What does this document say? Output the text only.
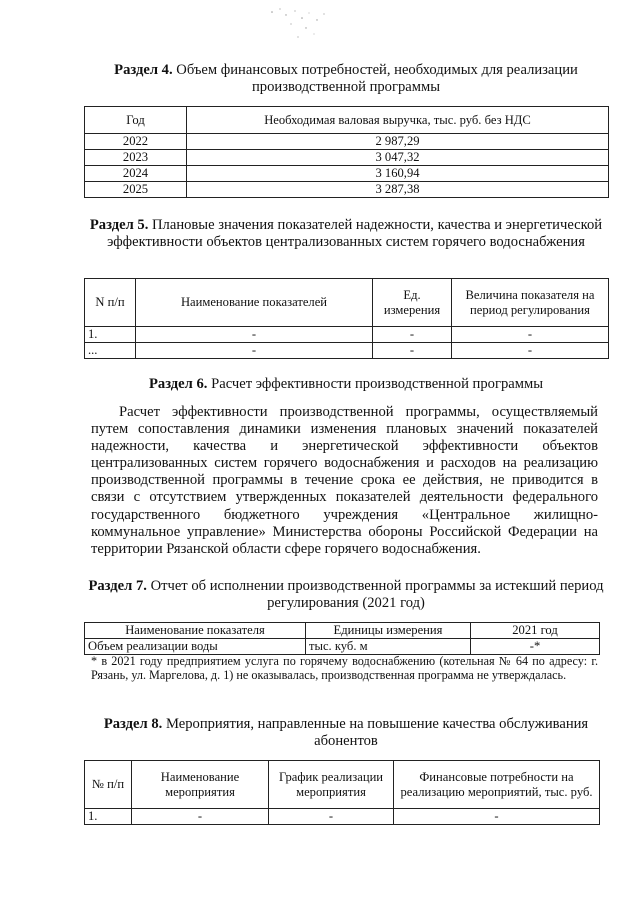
Раздел 4. Объем финансовых потребностей, необходимых для реализации производственной программы
Год	Необходимая валовая выручка, тыс. руб. без НДС
2022	2 987,29
2023	3 047,32
2024	3 160,94
2025	3 287,38
Раздел 5. Плановые значения показателей надежности, качества и энергетической эффективности объектов централизованных систем горячего водоснабжения
N п/п	Наименование показателей	Ед. измерения	Величина показателя на период регулирования
1.	-	-	-
...	-	-	-
Раздел 6. Расчет эффективности производственной программы
Расчет эффективности производственной программы, осуществляемый путем сопоставления динамики изменения плановых значений показателей надежности, качества и энергетической эффективности объектов централизованных систем горячего водоснабжения и расходов на реализацию производственной программы в течение срока ее действия, не приводится в связи с отсутствием утвержденных показателей деятельности федерального государственного бюджетного учреждения «Центральное жилищно-коммунальное управление» Министерства обороны Российской Федерации на территории Рязанской области сфере горячего водоснабжения.
Раздел 7. Отчет об исполнении производственной программы за истекший период регулирования (2021 год)
Наименование показателя	Единицы измерения	2021 год
Объем реализации воды	тыс. куб. м	-*
* в 2021 году предприятием услуга по горячему водоснабжению (котельная № 64 по адресу: г. Рязань, ул. Маргелова, д. 1) не оказывалась, производственная программа не утверждалась.
Раздел 8. Мероприятия, направленные на повышение качества обслуживания абонентов
№ п/п	Наименование мероприятия	График реализации мероприятия	Финансовые потребности на реализацию мероприятий, тыс. руб.
1.	-	-	-
